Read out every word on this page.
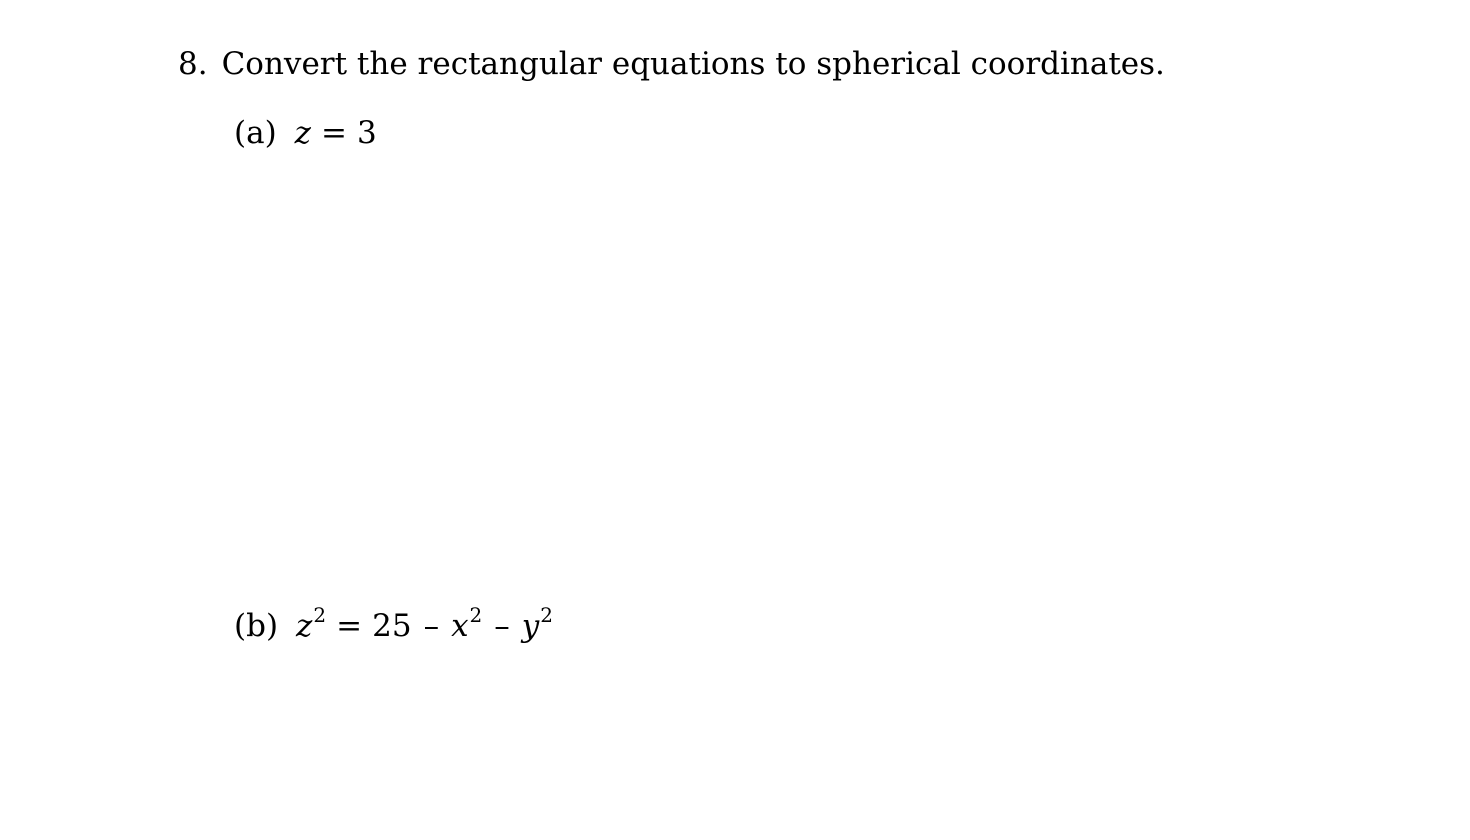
8. Convert the rectangular equations to spherical coordinates.
(a) z = 3
(b) $z^2 = 25 - x^2 - y^2$
